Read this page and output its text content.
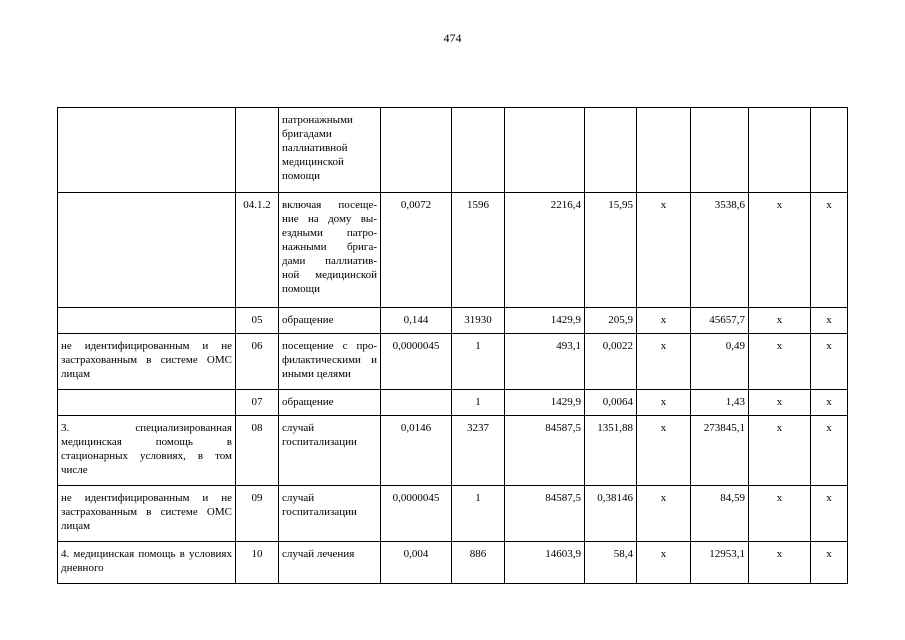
474
		патронажными бригадами паллиативной медицинской помощи								
	04.1.2	включая посеще-ние на дому вы-ездными патро-нажными брига-дами паллиатив-ной медицинской помощи	0,0072	1596	2216,4	15,95	х	3538,6	х	х
	05	обращение	0,144	31930	1429,9	205,9	х	45657,7	х	х
не идентифицированным и не застрахованным в системе ОМС лицам	06	посещение с про-филактическими и иными целями	0,0000045	1	493,1	0,0022	х	0,49	х	х
	07	обращение		1	1429,9	0,0064	х	1,43	х	х
3. специализированная медицинская помощь в стационарных условиях, в том числе	08	случай госпитализации	0,0146	3237	84587,5	1351,88	х	273845,1	х	х
не идентифицированным и не застрахованным в системе ОМС лицам	09	случай госпитализации	0,0000045	1	84587,5	0,38146	х	84,59	х	х
4. медицинская помощь в условиях дневного	10	случай лечения	0,004	886	14603,9	58,4	х	12953,1	х	х
